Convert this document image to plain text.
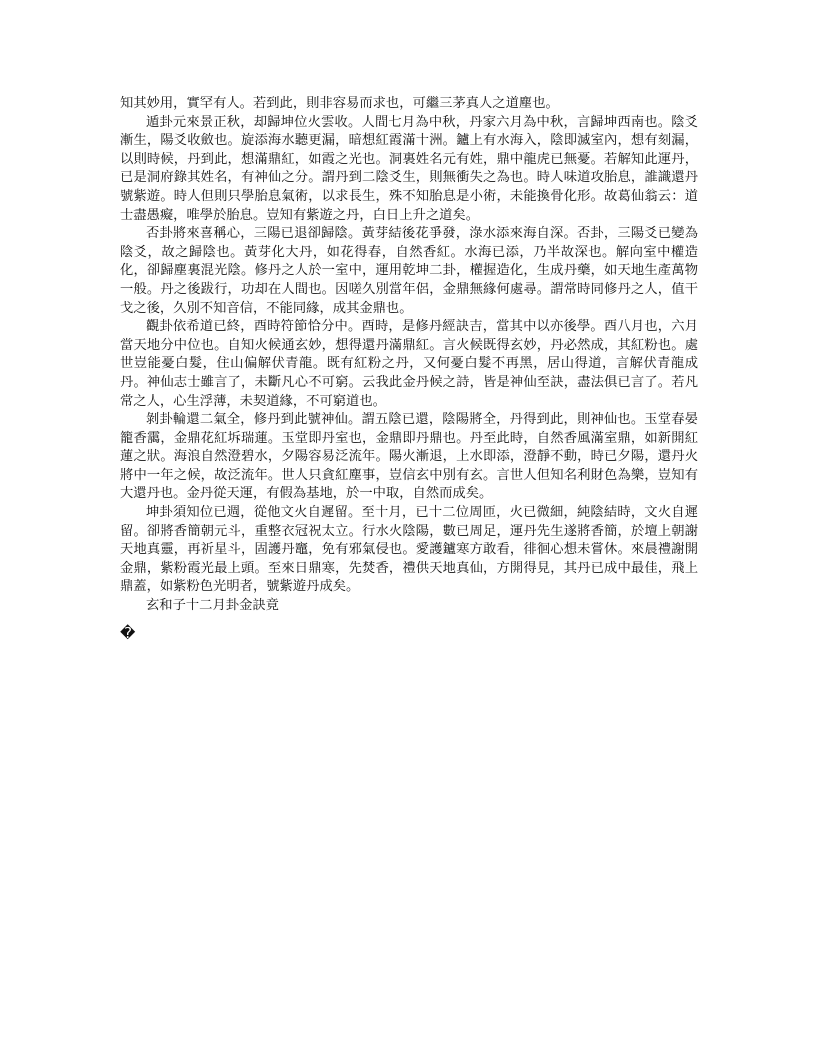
知其妙用，實罕有人。若到此，則非容易而求也，可繼三茅真人之道塵也。

遁卦元來景正秋，却歸坤位火雲收。人間七月為中秋，丹家六月為中秋，言歸坤西南也。陰爻漸生，陽爻收斂也。旋添海水聽更漏，暗想紅霞滿十洲。鑪上有水海入，陰即滅室內，想有刻漏，以則時候，丹到此，想滿鼎紅，如霞之光也。洞裏姓名元有姓，鼎中龍虎已無憂。若解知此運丹，已是洞府錄其姓名，有神仙之分。謂丹到二陰爻生，則無衝失之為也。時人味道攻胎息，誰識還丹號紫遊。時人但則只學胎息氣術，以求長生，殊不知胎息是小術，未能換骨化形。故葛仙翁云：道士盡愚癡，唯學於胎息。豈知有紫遊之丹，白日上升之道矣。

否卦將來喜稱心，三陽已退卻歸陰。黃芽結後花爭發，淥水添來海自深。否卦，三陽爻已變為陰爻，故之歸陰也。黃芽化大丹，如花得春，自然香紅。水海已添，乃半故深也。解向室中權造化，卻歸塵裏混光陰。修丹之人於一室中，運用乾坤二卦，權握造化，生成丹藥，如天地生產萬物一般。丹之後跋行，功却在人間也。因嗟久別當年侶，金鼎無緣何處尋。謂常時同修丹之人，值干戈之後，久別不知音信，不能同緣，成其金鼎也。

觀卦依希道已終，酉時符節恰分中。酉時，是修丹經訣吉，當其中以亦後學。酉八月也，六月當天地分中位也。自知火候通玄妙，想得還丹滿鼎紅。言火候既得玄妙，丹必然成，其紅粉也。處世豈能憂白髮，住山偏解伏青龍。既有紅粉之丹，又何憂白髮不再黑，居山得道，言解伏青龍成丹。神仙志士雖言了，未斷凡心不可窮。云我此金丹候之詩，皆是神仙至訣，盡法俱已言了。若凡常之人，心生浮薄，未契道緣，不可窮道也。

剝卦輪還二氣全，修丹到此號神仙。謂五陰已還，陰陽將全，丹得到此，則神仙也。玉堂春晏籠香靄，金鼎花紅坼瑞蓮。玉堂即丹室也，金鼎即丹鼎也。丹至此時，自然香風滿室鼎，如新開紅蓮之狀。海浪自然澄碧水，夕陽容易泛流年。陽火漸退，上水即添，澄靜不動，時已夕陽，還丹火將中一年之候，故泛流年。世人只貪紅塵事，豈信玄中別有玄。言世人但知名利財色為樂，豈知有大還丹也。金丹從天運，有假為基地，於一中取，自然而成矣。

坤卦須知位已週，從他文火自遲留。至十月，已十二位周匝，火已微細，純陰結時，文火自遲留。卻將香簡朝元斗，重整衣冠祝太立。行水火陰陽，數已周足，運丹先生遂將香簡，於壇上朝謝天地真靈，再祈星斗，固護丹竈，免有邪氣侵也。愛護鑪寒方敢看，徘徊心想未嘗休。來晨禮謝開金鼎，紫粉霞光最上頭。至來日鼎寒，先焚香，禮供天地真仙，方開得見，其丹已成中最佳，飛上鼎蓋，如紫粉色光明者，號紫遊丹成矣。

玄和子十二月卦金訣竟

�
